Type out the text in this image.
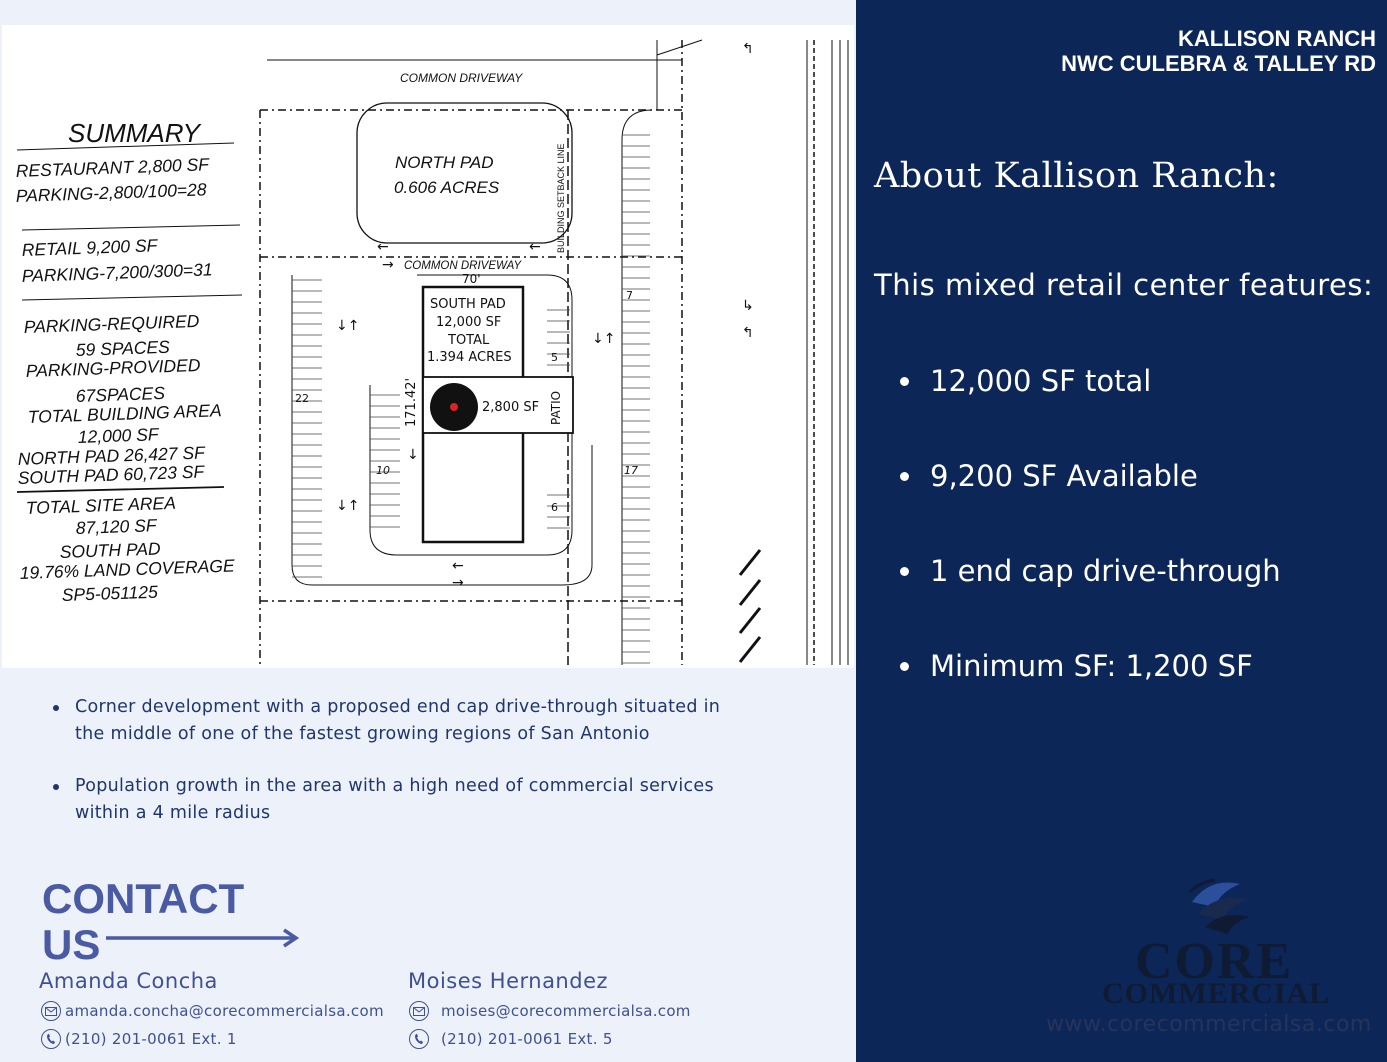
↓↑
↓↑
↓↑
↓
←	←
→
←
→
↰
↳
↰
SUMMARY
COMMON DRIVEWAY
COMMON DRIVEWAY
NORTH PAD
0.606 ACRES	BUILDING SETBACK LINE
70'
SOUTH PAD
12,000 SF
TOTAL
1.394 ACRES
2,800 SF PATIO
171.42'
7
5
22
10	17
6
RESTAURANT 2,800 SF
PARKING-2,800/100=28
RETAIL 9,200 SF
PARKING-7,200/300=31
PARKING-REQUIRED
59 SPACES
PARKING-PROVIDED
67SPACES
TOTAL BUILDING AREA
12,000 SF
NORTH PAD 26,427 SF
SOUTH PAD 60,723 SF
TOTAL SITE AREA
87,120 SF
SOUTH PAD
19.76% LAND COVERAGE
SP5-051125
Corner development with a proposed end cap drive-through situated in the middle of one of the fastest growing regions of San Antonio
Population growth in the area with a high need of commercial services within a 4 mile radius
CONTACT
US
Amanda Concha
amanda.concha@corecommercialsa.com
(210) 201-0061 Ext. 1
Moises Hernandez
moises@corecommercialsa.com
(210) 201-0061 Ext. 5
KALLISON RANCH
NWC CULEBRA & TALLEY RD
About Kallison Ranch:
This mixed retail center features:
12,000 SF total
9,200 SF Available
1 end cap drive-through
Minimum SF: 1,200 SF
CORE
COMMERCIAL
www.corecommercialsa.com
